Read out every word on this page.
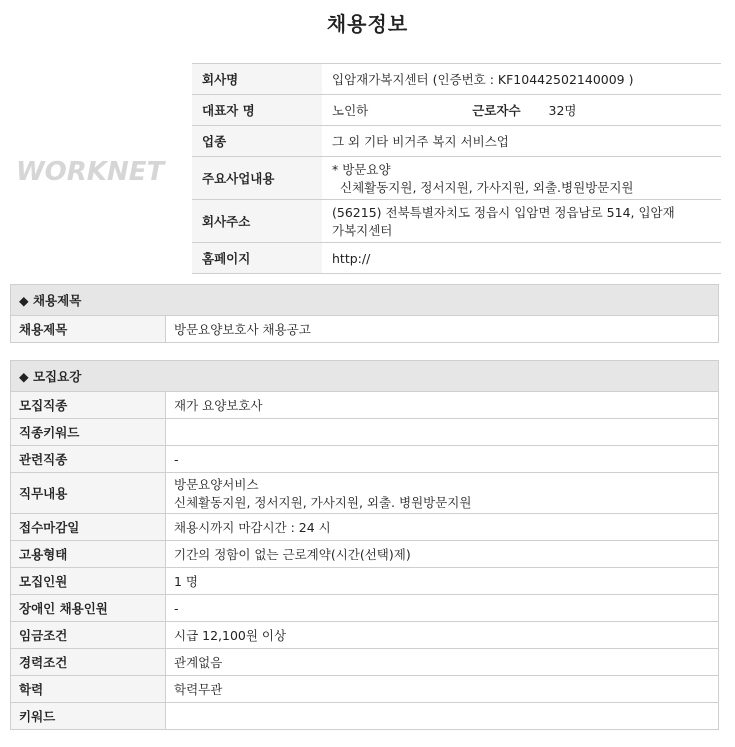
채용정보
WORKNET
회사명	입암재가복지센터 (인증번호 : KF10442502140009 )
대표자 명	노인하 근로자수 32명
업종	그 외 기타 비거주 복지 서비스업
주요사업내용	* 방문요양
신체활동지원, 정서지원, 가사지원, 외출.병원방문지원

회사주소	(56215) 전북특별자치도 정읍시 입암면 정읍남로 514, 입암재
가복지센터

홈페이지	http://
◆ 채용제목
채용제목	방문요양보호사 채용공고
◆ 모집요강	
모집직종	재가 요양보호사
직종키워드	
관련직종	-
직무내용	방문요양서비스
신체활동지원, 정서지원, 가사지원, 외출. 병원방문지원

접수마감일	채용시까지 마감시간 : 24 시
고용형태	기간의 정함이 없는 근로계약(시간(선택)제)
모집인원	1 명
장애인 채용인원	-
임금조건	시급 12,100원 이상
경력조건	관계없음
학력	학력무관
키워드	
